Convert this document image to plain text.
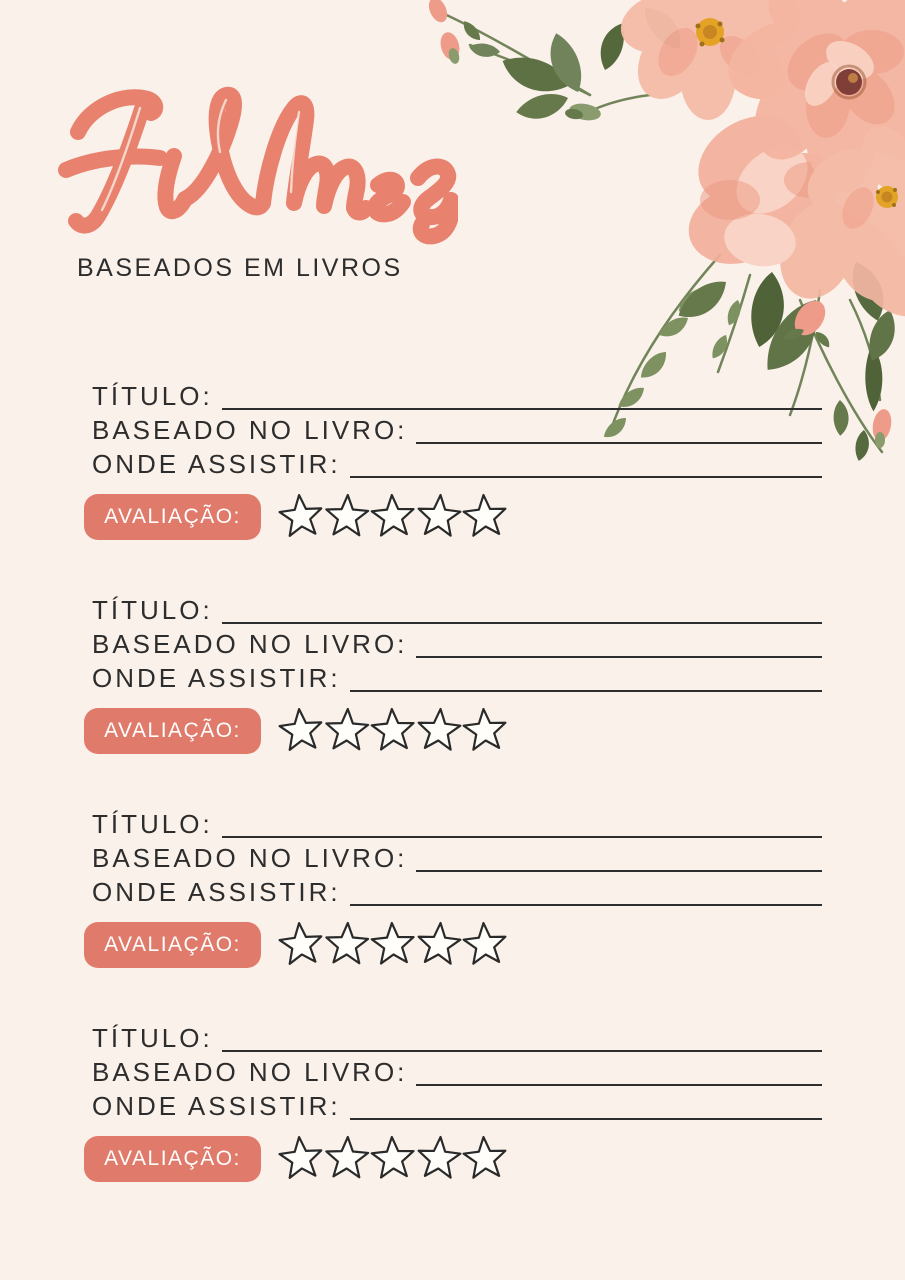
BASEADOS EM LIVROS
TÍTULO:
BASEADO NO LIVRO:
ONDE ASSISTIR:
AVALIAÇÃO:
TÍTULO:
BASEADO NO LIVRO:
ONDE ASSISTIR:
AVALIAÇÃO:
TÍTULO:
BASEADO NO LIVRO:
ONDE ASSISTIR:
AVALIAÇÃO:
TÍTULO:
BASEADO NO LIVRO:
ONDE ASSISTIR:
AVALIAÇÃO:
